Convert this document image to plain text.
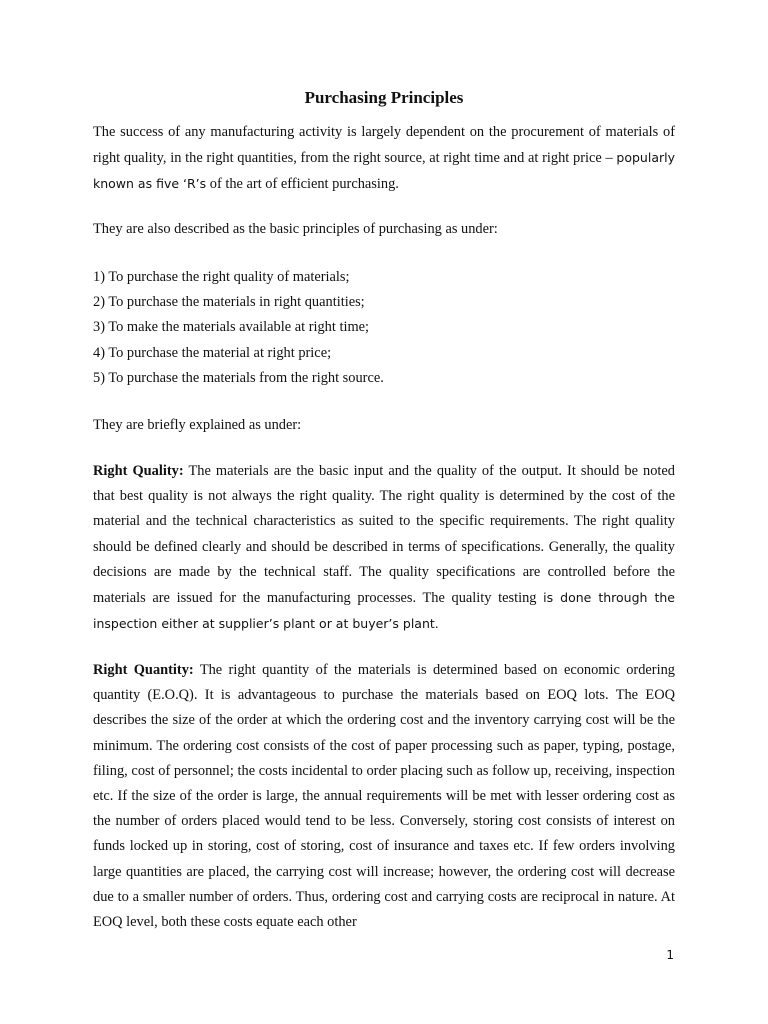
Purchasing Principles

The success of any manufacturing activity is largely dependent on the procurement of materials of right quality, in the right quantities, from the right source, at right time and at right price – popularly known as five ‘R’s of the art of efficient purchasing.

They are also described as the basic principles of purchasing as under:

1) To purchase the right quality of materials;
2) To purchase the materials in right quantities;
3) To make the materials available at right time;
4) To purchase the material at right price;
5) To purchase the materials from the right source.

They are briefly explained as under:

Right Quality: The materials are the basic input and the quality of the output. It should be noted that best quality is not always the right quality. The right quality is determined by the cost of the material and the technical characteristics as suited to the specific requirements. The right quality should be defined clearly and should be described in terms of specifications. Generally, the quality decisions are made by the technical staff. The quality specifications are controlled before the materials are issued for the manufacturing processes. The quality testing is done through the inspection either at supplier’s plant or at buyer’s plant.

Right Quantity: The right quantity of the materials is determined based on economic ordering quantity (E.O.Q). It is advantageous to purchase the materials based on EOQ lots. The EOQ describes the size of the order at which the ordering cost and the inventory carrying cost will be the minimum. The ordering cost consists of the cost of paper processing such as paper, typing, postage, filing, cost of personnel; the costs incidental to order placing such as follow up, receiving, inspection etc. If the size of the order is large, the annual requirements will be met with lesser ordering cost as the number of orders placed would tend to be less. Conversely, storing cost consists of interest on funds locked up in storing, cost of storing, cost of insurance and taxes etc. If few orders involving large quantities are placed, the carrying cost will increase; however, the ordering cost will decrease due to a smaller number of orders. Thus, ordering cost and carrying costs are reciprocal in nature. At EOQ level, both these costs equate each other

1
